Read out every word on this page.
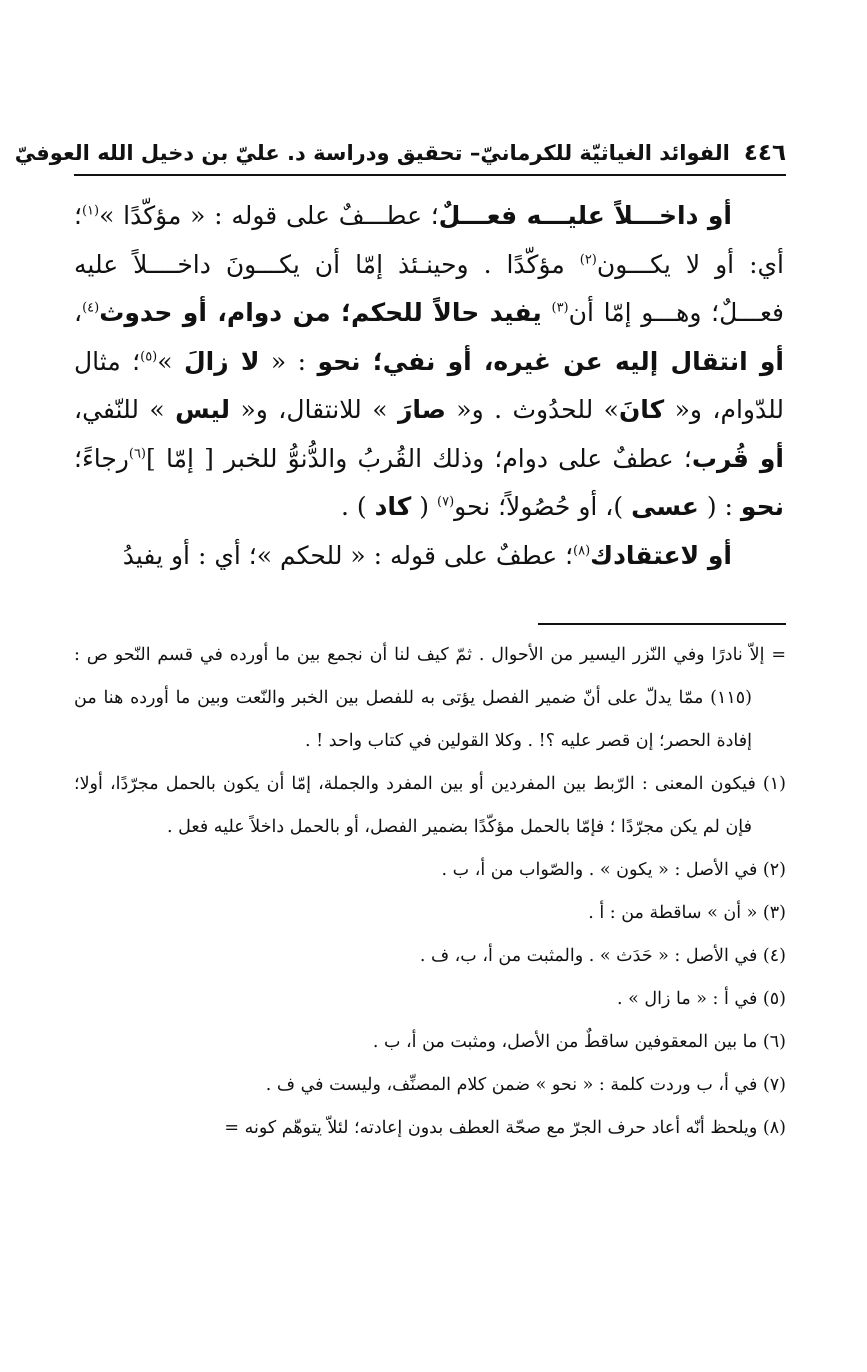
٤٤٦الفوائد الغياثيّة للكرمانيّ– تحقيق ودراسة د. عليّ بن دخيل الله العوفيّ

أو داخـــلاً عليـــه فعـــلٌ؛ عطـــفٌ على قوله : « مؤكّدًا »$^{(١)}$؛ أي: أو لا يكـــون$^{(٢)}$ مؤكّدًا . وحينـئذ إمّا أن يكـــونَ داخــــلاً عليه فعـــلٌ؛ وهـــو إمّا أن$^{(٣)}$ يفيد حالاً للحكم؛ من دوام، أو حدوث$^{(٤)}$، أو انتقال إليه عن غيره، أو نفي؛ نحو : « لا زالَ »$^{(٥)}$؛ مثال للدّوام، و« كانَ» للحدُوث . و« صارَ » للانتقال، و« ليس » للنّفي، أو قُرب؛ عطفٌ على دوام؛ وذلك القُربُ والدُّنوُّ للخبر [ إمّا ]$^{(٦)}$رجاءً؛ نحو : ( عسى )، أو حُصُولاً؛ نحو$^{(٧)}$ ( كاد ) .

أو لاعتقادك$^{(٨)}$؛ عطفٌ على قوله : « للحكم »؛ أي : أو يفيدُ

= إلاّ نادرًا وفي النّزر اليسير من الأحوال . ثمّ كيف لنا أن نجمع بين ما أورده في قسم النّحو ص : (١١٥) ممّا يدلّ على أنّ ضمير الفصل يؤتى به للفصل بين الخبر والنّعت وبين ما أورده هنا من إفادة الحصر؛ إن قصر عليه ؟! . وكلا القولين في كتاب واحد ! .

(١) فيكون المعنى : الرّبط بين المفردين أو بين المفرد والجملة، إمّا أن يكون بالحمل مجرّدًا، أولا؛ فإن لم يكن مجرّدًا ؛ فإمّا بالحمل مؤكّدًا بضمير الفصل، أو بالحمل داخلاً عليه فعل .

(٢) في الأصل : « يكون » . والصّواب من أ، ب .

(٣) « أن » ساقطة من : أ .

(٤) في الأصل : « حَدَث » . والمثبت من أ، ب، ف .

(٥) في أ : « ما زال » .

(٦) ما بين المعقوفين ساقطٌ من الأصل، ومثبت من أ، ب .

(٧) في أ، ب وردت كلمة : « نحو » ضمن كلام المصنِّف، وليست في ف .

(٨) ويلحظ أنّه أعاد حرف الجرّ مع صحّة العطف بدون إعادته؛ لئلاّ يتوهّم كونه =
